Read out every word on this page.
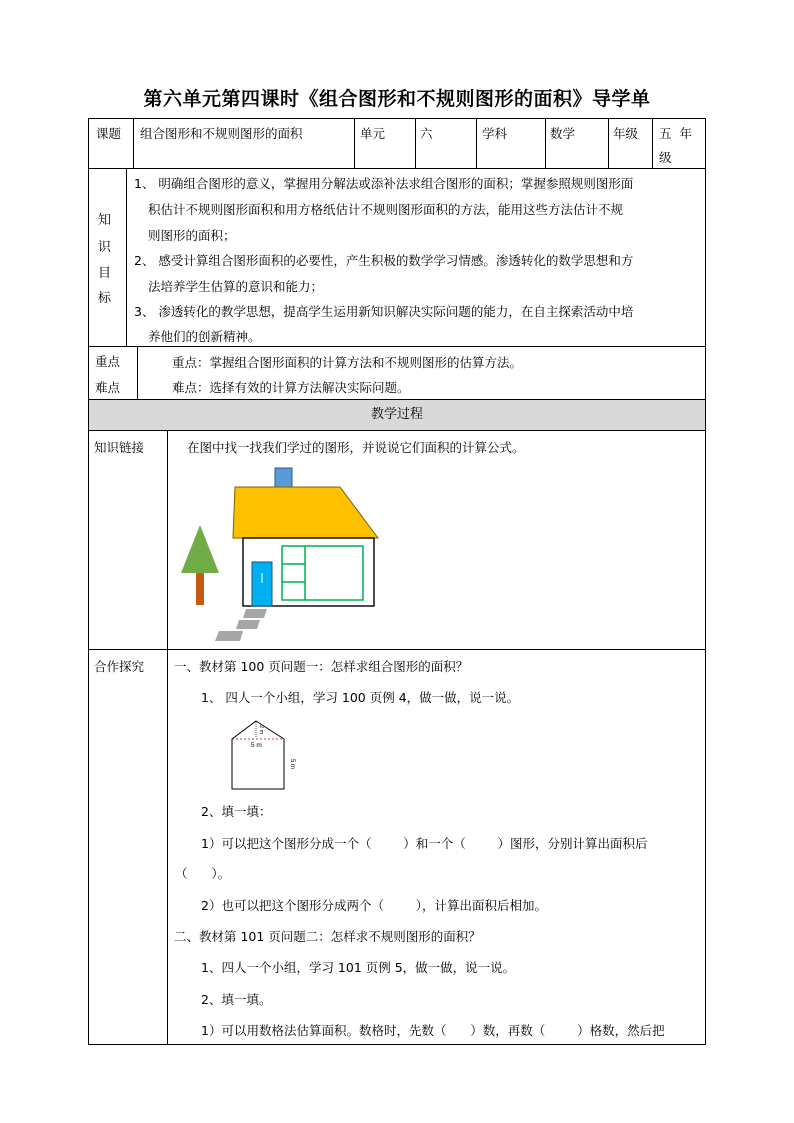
第六单元第四课时《组合图形和不规则图形的面积》导学单
课题 组合图形和不规则图形的面积	单元	六	学科	数学	年级 五  年
级
知
识
目
标
1、 明确组合图形的意义，掌握用分解法或添补法求组合图形的面积；掌握参照规则图形面
积估计不规则图形面积和用方格纸估计不规则图形面积的方法，能用这些方法估计不规
则图形的面积；
2、 感受计算组合图形面积的必要性，产生积极的数学学习情感。渗透转化的数学思想和方
法培养学生估算的意识和能力；
3、 渗透转化的教学思想，提高学生运用新知识解决实际问题的能力，在自主探索活动中培
养他们的创新精神。
重点
难点
重点：掌握组合图形面积的计算方法和不规则图形的估算方法。
难点：选择有效的计算方法解决实际问题。
教学过程
知识链接	在图中找一找我们学过的图形，并说说它们面积的计算公式。
合作探究 一、教材第 100 页问题一：怎样求组合图形的面积？
1、 四人一个小组，学习 100 页例 4，做一做，说一说。
2 m
5 m
5 m
2、填一填：
1）可以把这个图形分成一个（        ）和一个（        ）图形，分别计算出面积后
（      ）。
2）也可以把这个图形分成两个（        ），计算出面积后相加。
二、教材第 101 页问题二：怎样求不规则图形的面积？
1、四人一个小组，学习 101 页例 5，做一做，说一说。
2、填一填。
1）可以用数格法估算面积。数格时，先数（      ）数，再数（        ）格数，然后把
